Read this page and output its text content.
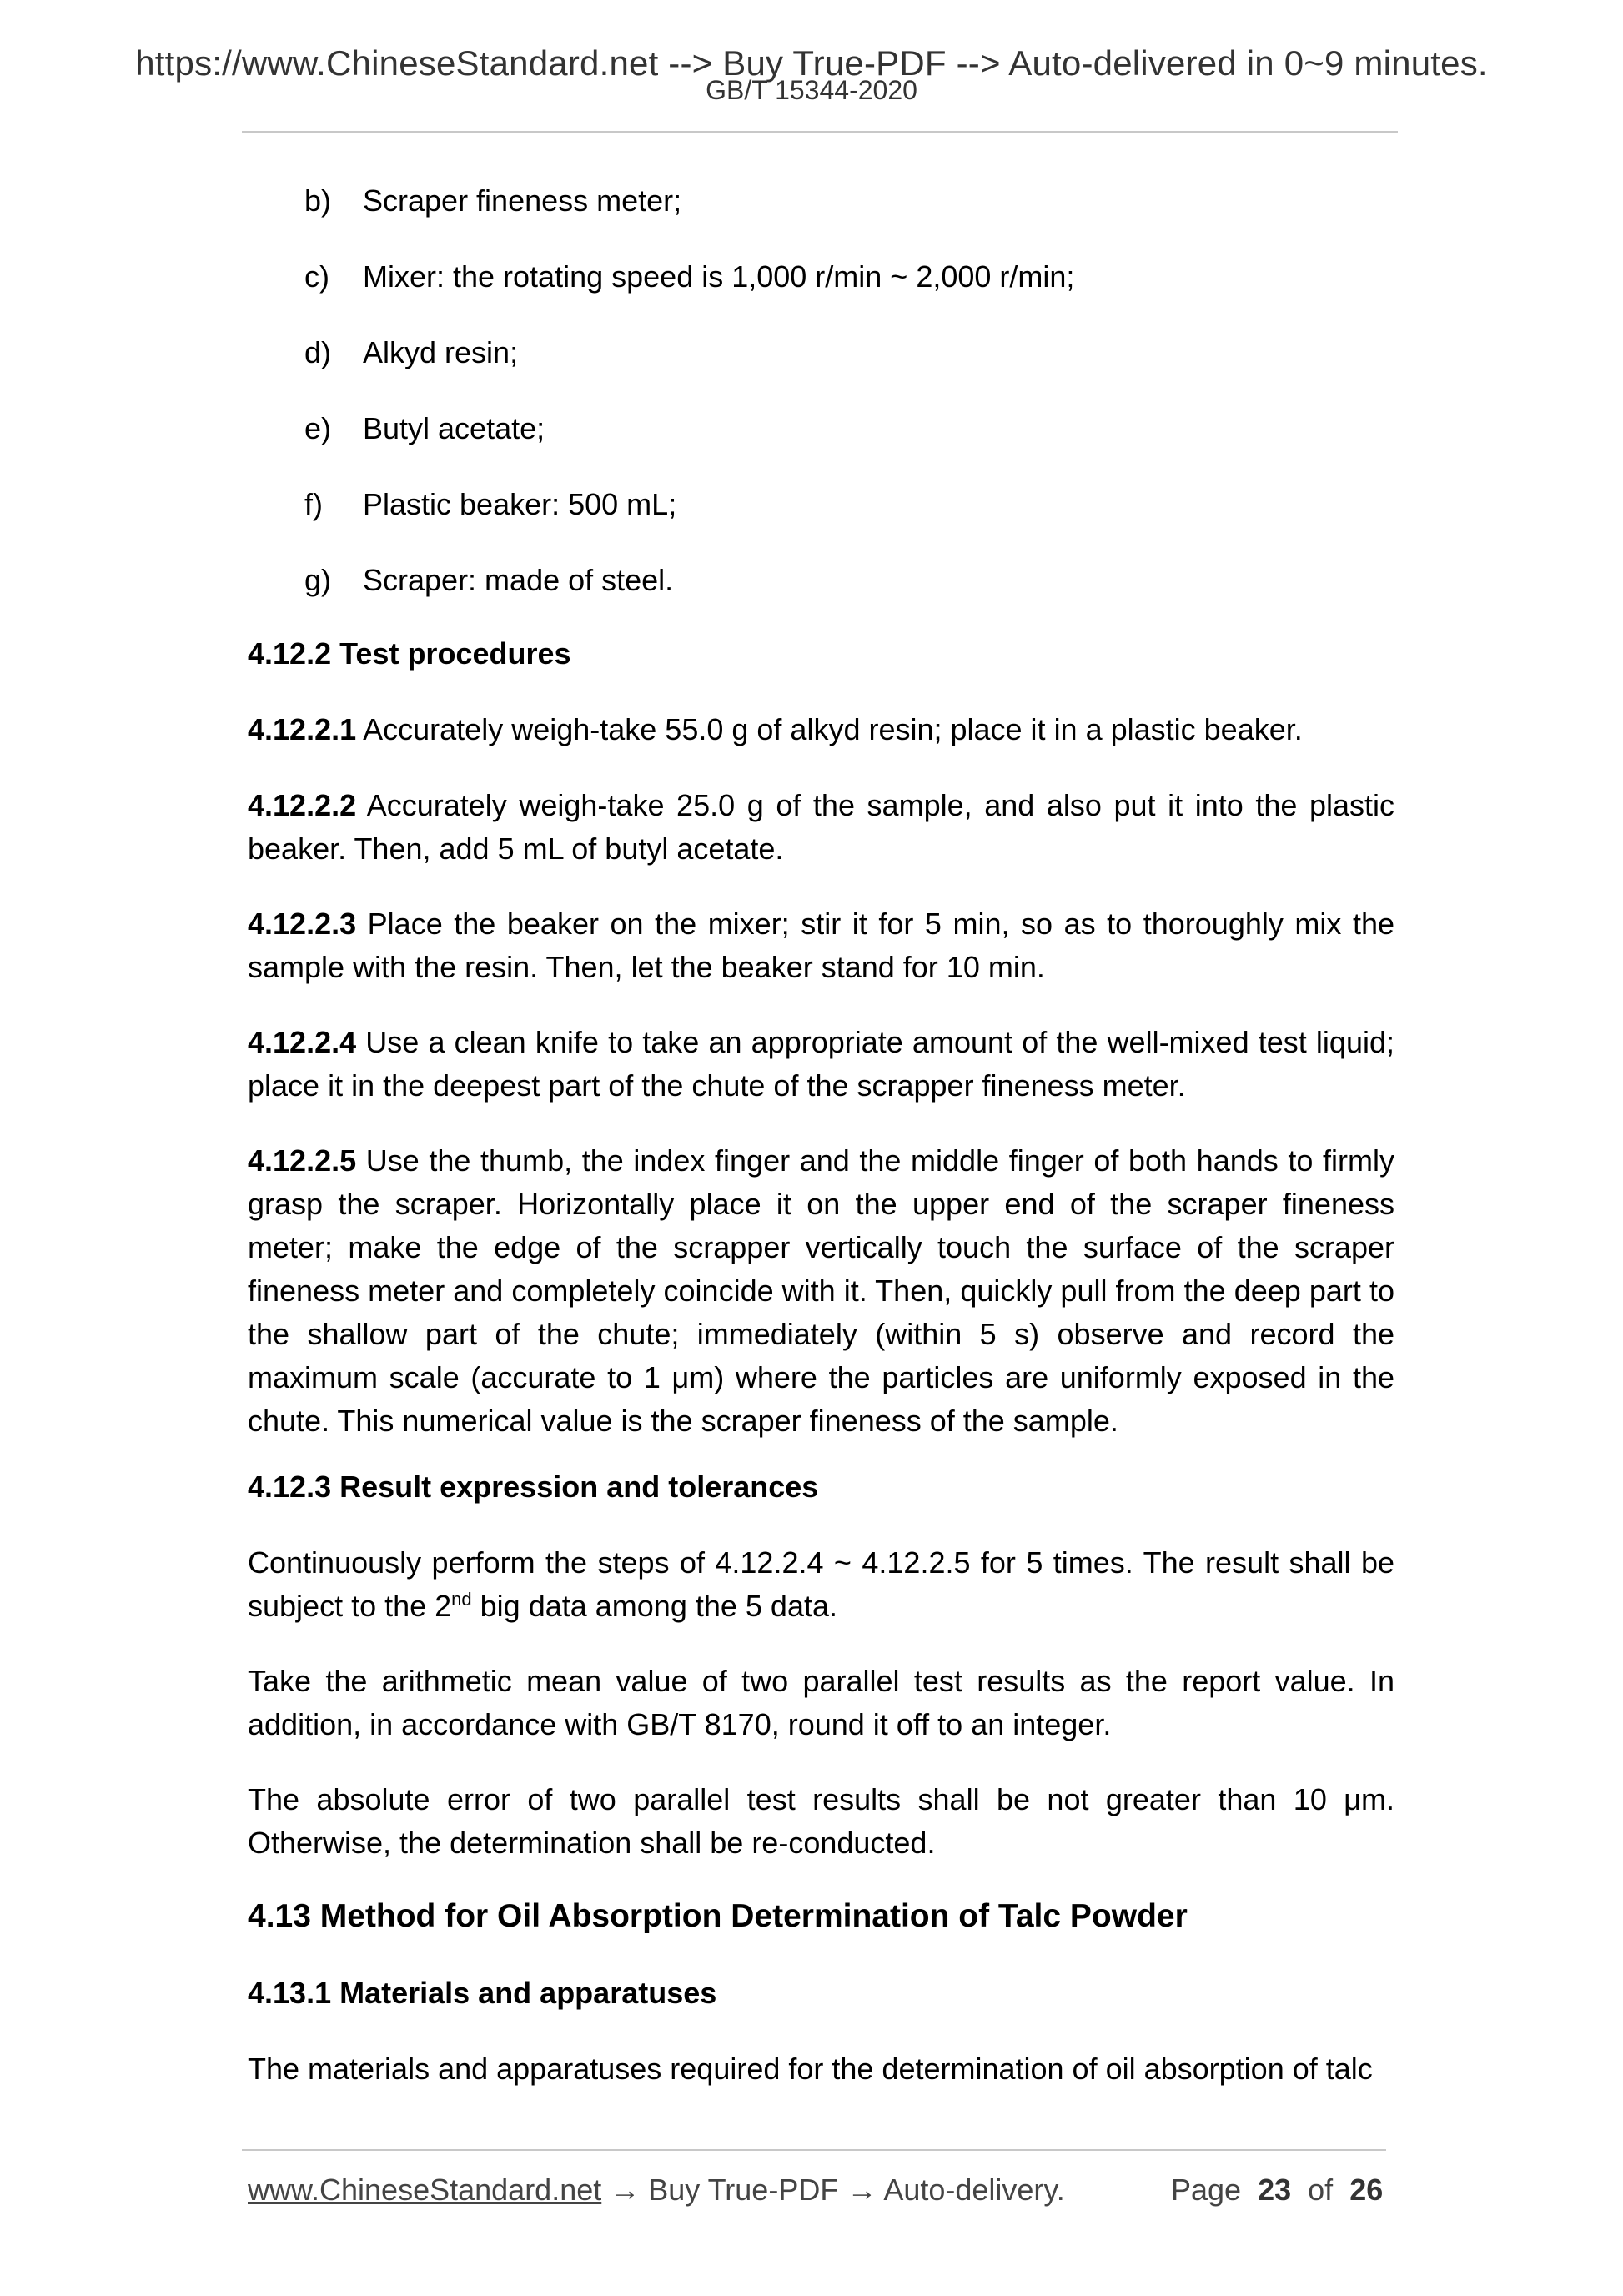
https://www.ChineseStandard.net --> Buy True-PDF --> Auto-delivered in 0~9 minutes.
GB/T 15344-2020
b) Scraper fineness meter;
c) Mixer: the rotating speed is 1,000 r/min ~ 2,000 r/min;
d) Alkyd resin;
e) Butyl acetate;
f) Plastic beaker: 500 mL;
g) Scraper: made of steel.
4.12.2 Test procedures
4.12.2.1 Accurately weigh-take 55.0 g of alkyd resin; place it in a plastic beaker.
4.12.2.2 Accurately weigh-take 25.0 g of the sample, and also put it into the plastic beaker. Then, add 5 mL of butyl acetate.
4.12.2.3 Place the beaker on the mixer; stir it for 5 min, so as to thoroughly mix the sample with the resin. Then, let the beaker stand for 10 min.
4.12.2.4 Use a clean knife to take an appropriate amount of the well-mixed test liquid; place it in the deepest part of the chute of the scrapper fineness meter.
4.12.2.5 Use the thumb, the index finger and the middle finger of both hands to firmly grasp the scraper. Horizontally place it on the upper end of the scraper fineness meter; make the edge of the scrapper vertically touch the surface of the scraper fineness meter and completely coincide with it. Then, quickly pull from the deep part to the shallow part of the chute; immediately (within 5 s) observe and record the maximum scale (accurate to 1 μm) where the particles are uniformly exposed in the chute. This numerical value is the scraper fineness of the sample.
4.12.3 Result expression and tolerances
Continuously perform the steps of 4.12.2.4 ~ 4.12.2.5 for 5 times. The result shall be subject to the 2nd big data among the 5 data.
Take the arithmetic mean value of two parallel test results as the report value. In addition, in accordance with GB/T 8170, round it off to an integer.
The absolute error of two parallel test results shall be not greater than 10 μm. Otherwise, the determination shall be re-conducted.
4.13 Method for Oil Absorption Determination of Talc Powder
4.13.1 Materials and apparatuses
The materials and apparatuses required for the determination of oil absorption of talc
www.ChineseStandard.net → Buy True-PDF → Auto-delivery.	Page 23 of 26
